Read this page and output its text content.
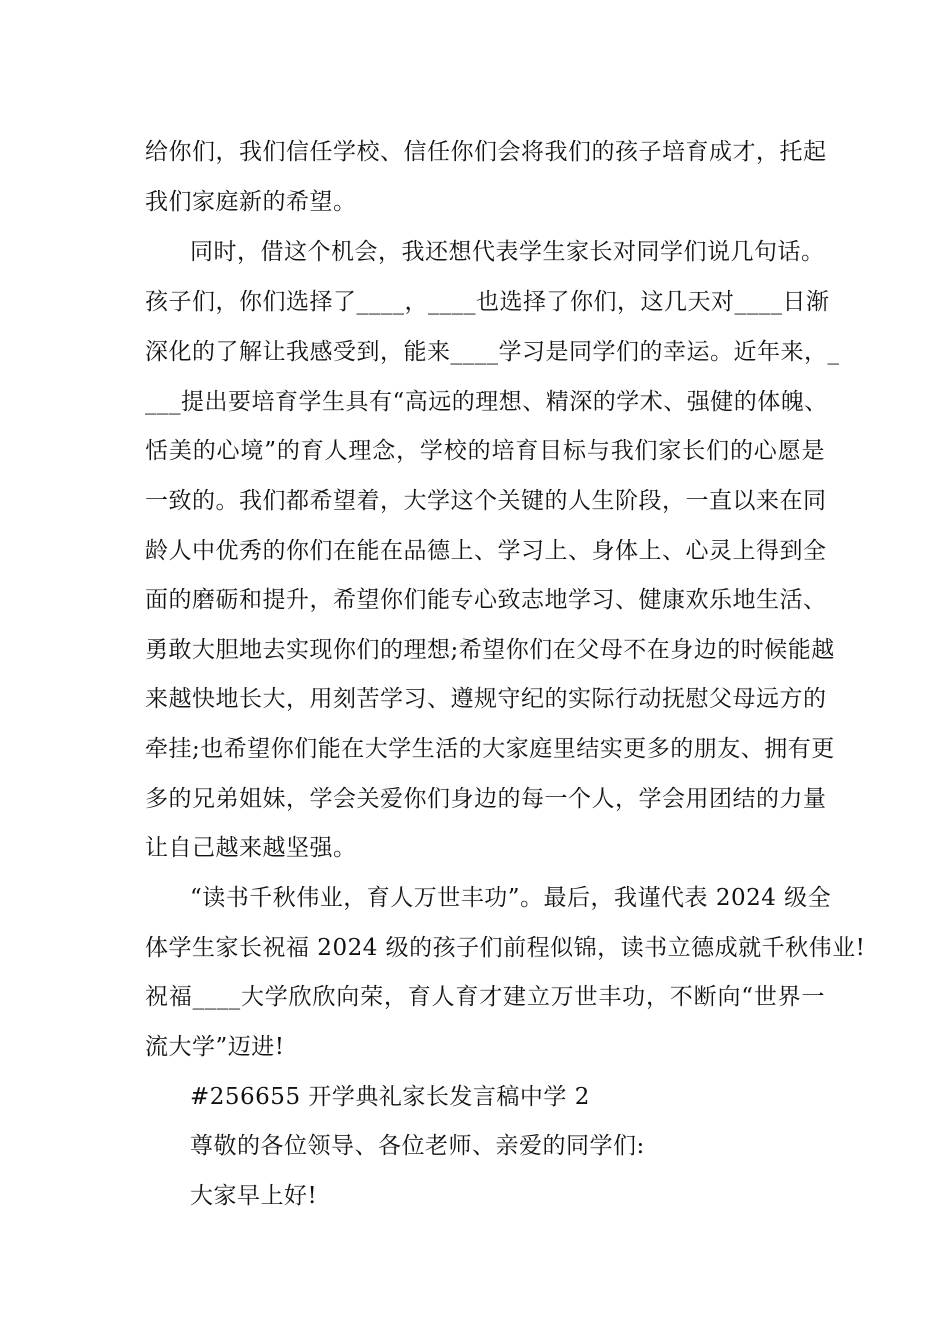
给你们，我们信任学校、信任你们会将我们的孩子培育成才，托起
我们家庭新的希望。
同时，借这个机会，我还想代表学生家长对同学们说几句话。
孩子们，你们选择了____，____也选择了你们，这几天对____日渐
深化的了解让我感受到，能来____学习是同学们的幸运。近年来，_
___提出要培育学生具有“高远的理想、精深的学术、强健的体魄、
恬美的心境”的育人理念，学校的培育目标与我们家长们的心愿是
一致的。我们都希望着，大学这个关键的人生阶段，一直以来在同
龄人中优秀的你们在能在品德上、学习上、身体上、心灵上得到全
面的磨砺和提升，希望你们能专心致志地学习、健康欢乐地生活、
勇敢大胆地去实现你们的理想;希望你们在父母不在身边的时候能越
来越快地长大，用刻苦学习、遵规守纪的实际行动抚慰父母远方的
牵挂;也希望你们能在大学生活的大家庭里结实更多的朋友、拥有更
多的兄弟姐妹，学会关爱你们身边的每一个人，学会用团结的力量
让自己越来越坚强。
“读书千秋伟业，育人万世丰功”。最后，我谨代表 2024 级全
体学生家长祝福 2024 级的孩子们前程似锦，读书立德成就千秋伟业!
祝福____大学欣欣向荣，育人育才建立万世丰功，不断向“世界一
流大学”迈进!
#256655 开学典礼家长发言稿中学 2
尊敬的各位领导、各位老师、亲爱的同学们:
大家早上好!
